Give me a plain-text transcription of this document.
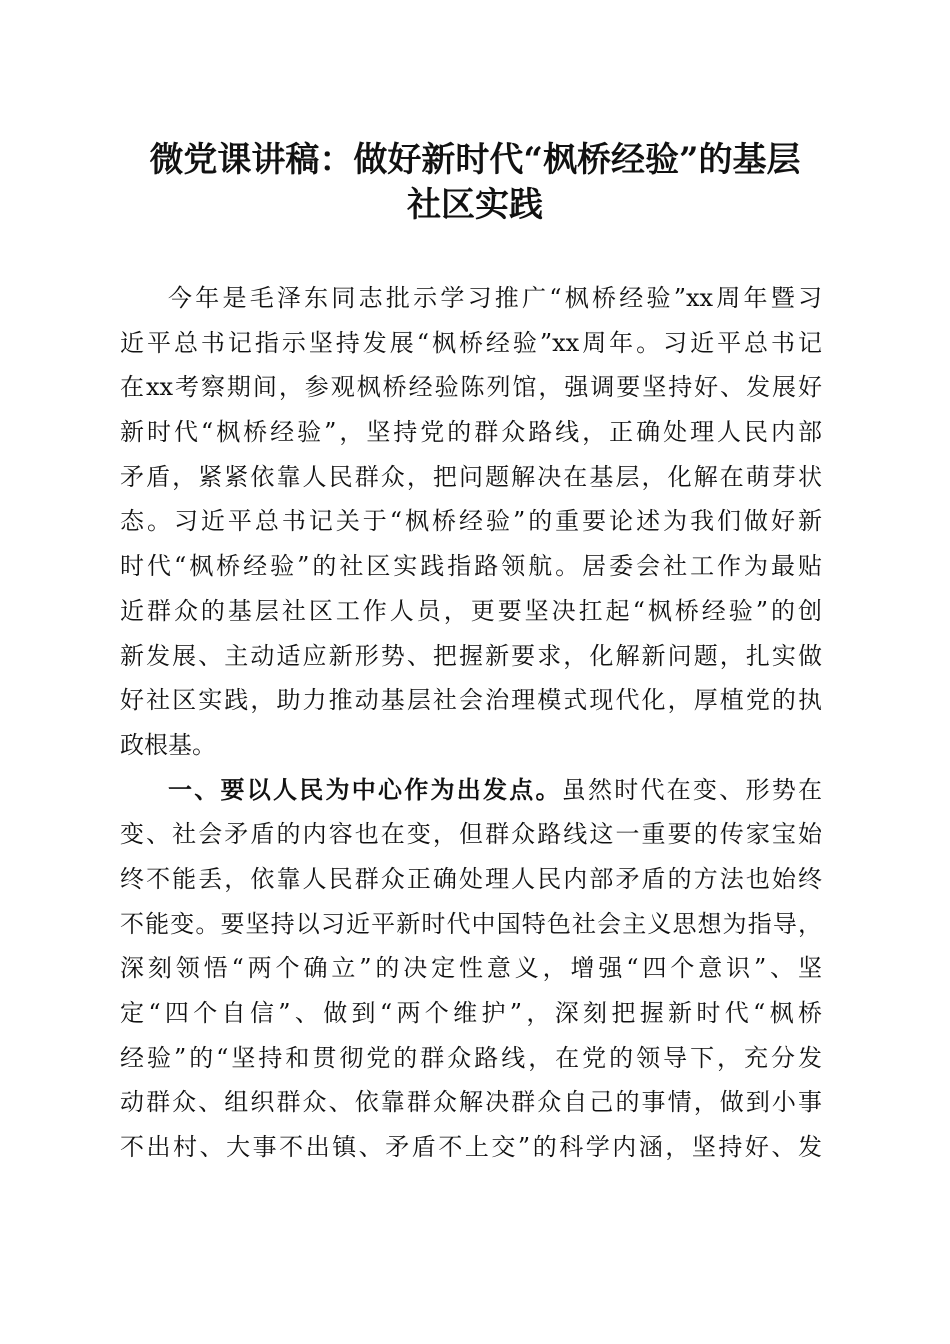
微党课讲稿：做好新时代“枫桥经验”的基层
社区实践
今年是毛泽东同志批示学习推广“枫桥经验”xx周年暨习
近平总书记指示坚持发展“枫桥经验”xx周年。习近平总书记
在xx考察期间，参观枫桥经验陈列馆，强调要坚持好、发展好
新时代“枫桥经验”，坚持党的群众路线，正确处理人民内部
矛盾，紧紧依靠人民群众，把问题解决在基层，化解在萌芽状
态。习近平总书记关于“枫桥经验”的重要论述为我们做好新
时代“枫桥经验”的社区实践指路领航。居委会社工作为最贴
近群众的基层社区工作人员，更要坚决扛起“枫桥经验”的创
新发展、主动适应新形势、把握新要求，化解新问题，扎实做
好社区实践，助力推动基层社会治理模式现代化，厚植党的执
政根基。
一、要以人民为中心作为出发点。虽然时代在变、形势在
变、社会矛盾的内容也在变，但群众路线这一重要的传家宝始
终不能丢，依靠人民群众正确处理人民内部矛盾的方法也始终
不能变。要坚持以习近平新时代中国特色社会主义思想为指导，
深刻领悟“两个确立”的决定性意义，增强“四个意识”、坚
定“四个自信”、做到“两个维护”，深刻把握新时代“枫桥
经验”的“坚持和贯彻党的群众路线，在党的领导下，充分发
动群众、组织群众、依靠群众解决群众自己的事情，做到小事
不出村、大事不出镇、矛盾不上交”的科学内涵，坚持好、发
